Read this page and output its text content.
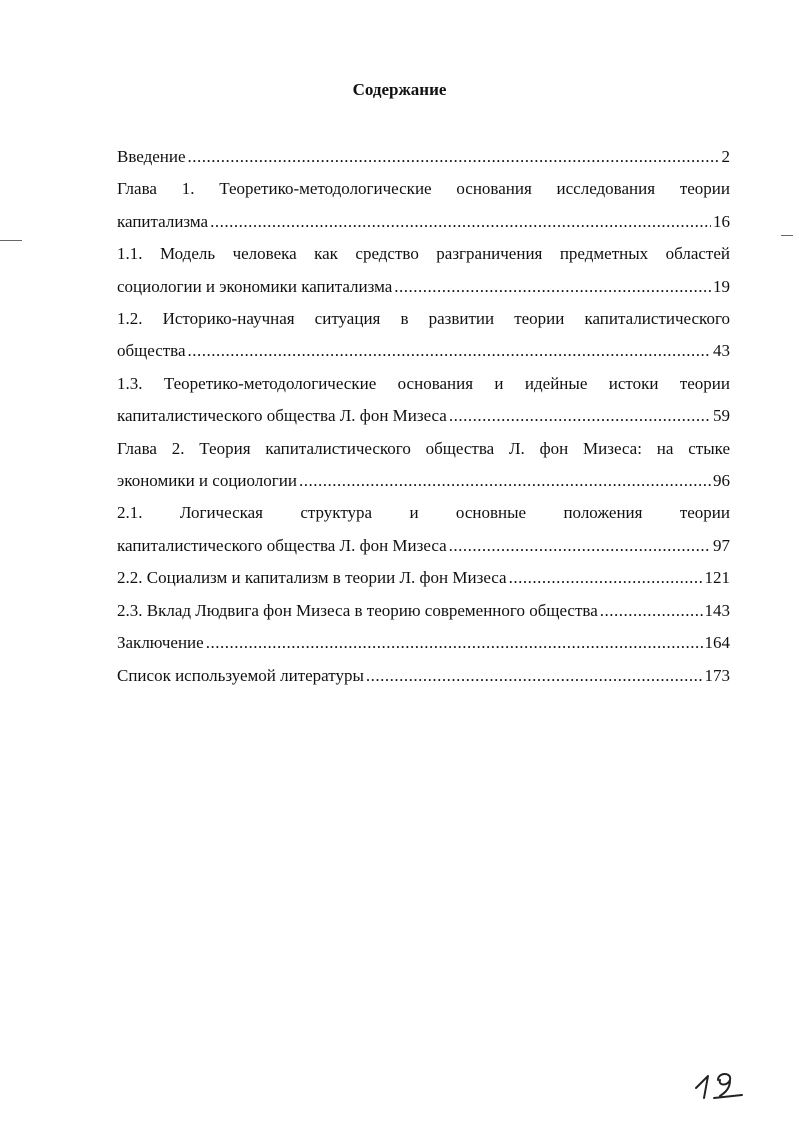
Содержание
Введение .....	2
Глава 1. Теоретико-методологические основания исследования теории
капитализма .....	16
1.1. Модель человека как средство разграничения предметных областей
социологии и экономики капитализма .....	19
1.2. Историко-научная ситуация в развитии теории капиталистического
общества .....	43
1.3. Теоретико-методологические основания и идейные истоки теории
капиталистического обществa Л. фон Мизеса .....	59
Глава 2. Теория капиталистического общества Л. фон Мизеса: на стыке
экономики и социологии .....	96
2.1. Логическая структура и основные положения теории
капиталистического общества Л. фон Мизеса .....	97
2.2. Социализм и капитализм в теории Л. фон Мизеса .....	121
2.3. Вклад Людвига фон Мизеса в теорию современного общества .....	143
Заключение .....	164
Список используемой литературы .....	173
